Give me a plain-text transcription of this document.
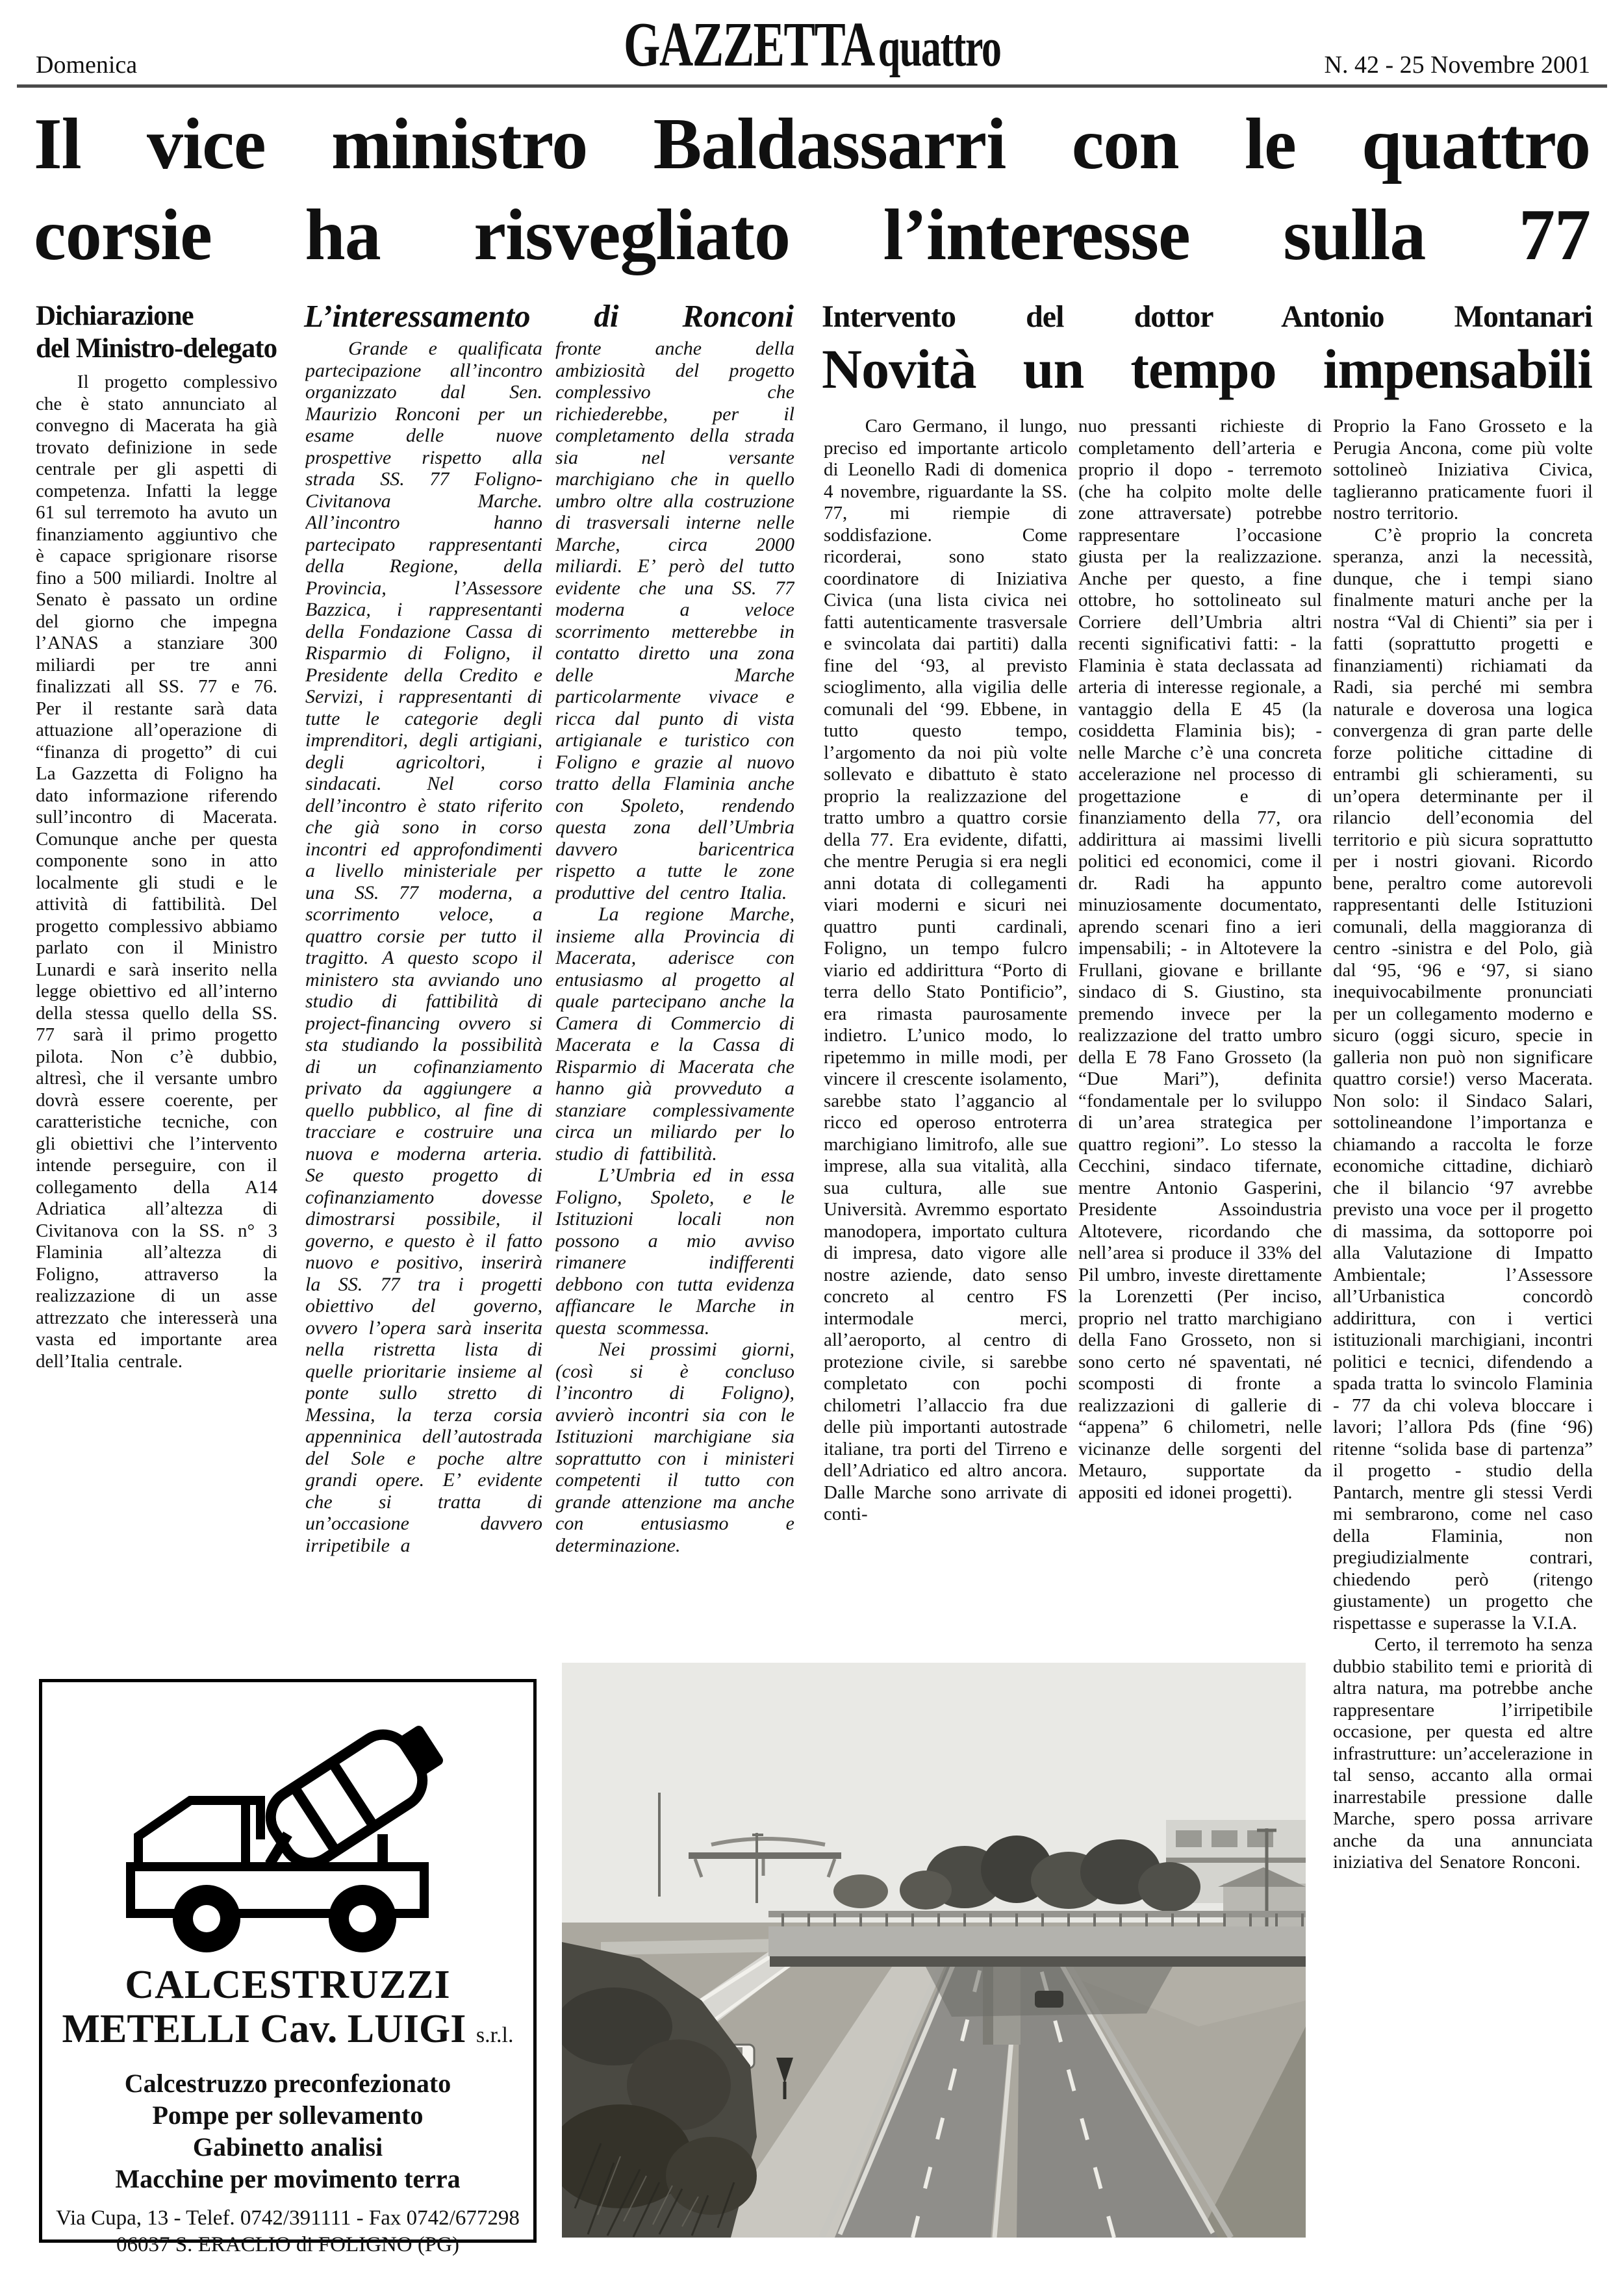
Domenica	GAZZETTAquattro	N. 42 - 25 Novembre 2001
Il vice ministro Baldassarri con le quattro
corsie ha risvegliato l’interesse sulla 77
Dichiarazione
del Ministro-delegato

Il progetto complessivo che è stato annunciato al convegno di Macerata ha già trovato definizione in sede centrale per gli aspetti di competenza. Infatti la legge 61 sul terremoto ha avuto un finanziamento aggiuntivo che è capace sprigionare risorse fino a 500 miliardi. Inoltre al Senato è passato un ordine del giorno che impegna l’ANAS a stanziare 300 miliardi per tre anni finalizzati all SS. 77 e 76. Per il restante sarà data attuazione all’operazione di “finanza di progetto” di cui La Gazzetta di Foligno ha dato informazione riferendo sull’incontro di Macerata. Comunque anche per questa componente sono in atto localmente gli studi e le attività di fattibilità. Del progetto complessivo abbiamo parlato con il Ministro Lunardi e sarà inserito nella legge obiettivo ed all’interno della stessa quello della SS. 77 sarà il primo progetto pilota. Non c’è dubbio, altresì, che il versante umbro dovrà essere coerente, per caratteristiche tecniche, con gli obiettivi che l’intervento intende perseguire, con il collegamento della A14 Adriatica all’altezza di Civitanova con la SS. n° 3 Flaminia all’altezza di Foligno, attraverso la realizzazione di un asse attrezzato che interesserà una vasta ed importante area dell’Italia centrale.

L’interessamento di Ronconi

Grande e qualificata partecipazione all’incontro organizzato dal Sen. Maurizio Ronconi per un esame delle nuove prospettive rispetto alla strada SS. 77 Foligno-Civitanova Marche. All’incontro hanno partecipato rappresentanti della Regione, della Provincia, l’Assessore Bazzica, i rappresentanti della Fondazione Cassa di Risparmio di Foligno, il Presidente della Credito e Servizi, i rappresentanti di tutte le categorie degli imprenditori, degli artigiani, degli agricoltori, i sindacati. Nel corso dell’incontro è stato riferito che già sono in corso incontri ed approfondimenti a livello ministeriale per una SS. 77 moderna, a scorrimento veloce, a quattro corsie per tutto il tragitto. A questo scopo il ministero sta avviando uno studio di fattibilità di project-financing ovvero si sta studiando la possibilità di un cofinanziamento privato da aggiungere a quello pubblico, al fine di tracciare e costruire una nuova e moderna arteria. Se questo progetto di cofinanziamento dovesse dimostrarsi possibile, il governo, e questo è il fatto nuovo e positivo, inserirà la SS. 77 tra i progetti obiettivo del governo, ovvero l’opera sarà inserita nella ristretta lista di quelle prioritarie insieme al ponte sullo stretto di Messina, la terza corsia appenninica dell’autostrada del Sole e poche altre grandi opere. E’ evidente che si tratta di un’occasione davvero irripetibile a

fronte anche della ambiziosità del progetto complessivo che richiederebbe, per il completamento della strada sia nel versante marchigiano che in quello umbro oltre alla costruzione di trasversali interne nelle Marche, circa 2000 miliardi. E’ però del tutto evidente che una SS. 77 moderna a veloce scorrimento metterebbe in contatto diretto una zona delle Marche particolarmente vivace e ricca dal punto di vista artigianale e turistico con Foligno e grazie al nuovo tratto della Flaminia anche con Spoleto, rendendo questa zona dell’Umbria davvero baricentrica rispetto a tutte le zone produttive del centro Italia.

La regione Marche, insieme alla Provincia di Macerata, aderisce con entusiasmo al progetto al quale partecipano anche la Camera di Commercio di Macerata e la Cassa di Risparmio di Macerata che hanno già provveduto a stanziare complessivamente circa un miliardo per lo studio di fattibilità.

L’Umbria ed in essa Foligno, Spoleto, e le Istituzioni locali non possono a mio avviso rimanere indifferenti debbono con tutta evidenza affiancare le Marche in questa scommessa.

Nei prossimi giorni, (così si è concluso l’incontro di Foligno), avvierò incontri sia con le Istituzioni marchigiane sia soprattutto con i ministeri competenti il tutto con grande attenzione ma anche con entusiasmo e determinazione.

Intervento del dottor Antonio Montanari
Novità un tempo impensabili

Caro Germano, il lungo, preciso ed importante articolo di Leonello Radi di domenica 4 novembre, riguardante la SS. 77, mi riempie di soddisfazione. Come ricorderai, sono stato coordinatore di Iniziativa Civica (una lista civica nei fatti autenticamente trasversale e svincolata dai partiti) dalla fine del ‘93, al previsto scioglimento, alla vigilia delle comunali del ‘99. Ebbene, in tutto questo tempo, l’argomento da noi più volte sollevato e dibattuto è stato proprio la realizzazione del tratto umbro a quattro corsie della 77. Era evidente, difatti, che mentre Perugia si era negli anni dotata di collegamenti viari moderni e sicuri nei quattro punti cardinali, Foligno, un tempo fulcro viario ed addirittura “Porto di terra dello Stato Pontificio”, era rimasta paurosamente indietro. L’unico modo, lo ripetemmo in mille modi, per vincere il crescente isolamento, sarebbe stato l’aggancio al ricco ed operoso entroterra marchigiano limitrofo, alle sue imprese, alla sua vitalità, alla sua cultura, alle sue Università. Avremmo esportato manodopera, importato cultura di impresa, dato vigore alle nostre aziende, dato senso concreto al centro FS intermodale merci, all’aeroporto, al centro di protezione civile, si sarebbe completato con pochi chilometri l’allaccio fra due delle più importanti autostrade italiane, tra porti del Tirreno e dell’Adriatico ed altro ancora. Dalle Marche sono arrivate di conti-

nuo pressanti richieste di completamento dell’arteria e proprio il dopo - terremoto (che ha colpito molte delle zone attraversate) potrebbe rappresentare l’occasione giusta per la realizzazione. Anche per questo, a fine ottobre, ho sottolineato sul Corriere dell’Umbria altri recenti significativi fatti: - la Flaminia è stata declassata ad arteria di interesse regionale, a vantaggio della E 45 (la cosiddetta Flaminia bis); - nelle Marche c’è una concreta accelerazione nel processo di progettazione e di finanziamento della 77, ora addirittura ai massimi livelli politici ed economici, come il dr. Radi ha appunto minuziosamente documentato, aprendo scenari fino a ieri impensabili; - in Altotevere la Frullani, giovane e brillante sindaco di S. Giustino, sta premendo invece per la realizzazione del tratto umbro della E 78 Fano Grosseto (la “Due Mari”), definita “fondamentale per lo sviluppo di un’area strategica per quattro regioni”. Lo stesso la Cecchini, sindaco tifernate, mentre Antonio Gasperini, Presidente Assoindustria Altotevere, ricordando che nell’area si produce il 33% del Pil umbro, investe direttamente la Lorenzetti (Per inciso, proprio nel tratto marchigiano della Fano Grosseto, non si sono certo né spaventati, né scomposti di fronte a realizzazioni di gallerie di “appena” 6 chilometri, nelle vicinanze delle sorgenti del Metauro, supportate da appositi ed idonei progetti).

Proprio la Fano Grosseto e la Perugia Ancona, come più volte sottolineò Iniziativa Civica, taglieranno praticamente fuori il nostro territorio.

C’è proprio la concreta speranza, anzi la necessità, dunque, che i tempi siano finalmente maturi anche per la nostra “Val di Chienti” sia per i fatti (soprattutto progetti e finanziamenti) richiamati da Radi, sia perché mi sembra naturale e doverosa una logica convergenza di gran parte delle forze politiche cittadine di entrambi gli schieramenti, su un’opera determinante per il rilancio dell’economia del territorio e più sicura soprattutto per i nostri giovani. Ricordo bene, peraltro come autorevoli rappresentanti delle Istituzioni comunali, della maggioranza di centro -sinistra e del Polo, già dal ‘95, ‘96 e ‘97, si siano inequivocabilmente pronunciati per un collegamento moderno e sicuro (oggi sicuro, specie in galleria non può non significare quattro corsie!) verso Macerata. Non solo: il Sindaco Salari, sottolineandone l’importanza e chiamando a raccolta le forze economiche cittadine, dichiarò che il bilancio ‘97 avrebbe previsto una voce per il progetto di massima, da sottoporre poi alla Valutazione di Impatto Ambientale; l’Assessore all’Urbanistica concordò addirittura, con i vertici istituzionali marchigiani, incontri politici e tecnici, difendendo a spada tratta lo svincolo Flaminia - 77 da chi voleva bloccare i lavori; l’allora Pds (fine ‘96) ritenne “solida base di partenza” il progetto - studio della Pantarch, mentre gli stessi Verdi mi sembrarono, come nel caso della Flaminia, non pregiudizialmente contrari, chiedendo però (ritengo giustamente) un progetto che rispettasse e superasse la V.I.A.

Certo, il terremoto ha senza dubbio stabilito temi e priorità di altra natura, ma potrebbe anche rappresentare l’irripetibile occasione, per questa ed altre infrastrutture: un’accelerazione in tal senso, accanto alla ormai inarrestabile pressione dalle Marche, spero possa arrivare anche da una annunciata iniziativa del Senatore Ronconi.

CALCESTRUZZI
METELLI Cav. LUIGI s.r.l.
Calcestruzzo preconfezionato
Pompe per sollevamento
Gabinetto analisi
Macchine per movimento terra
Via Cupa, 13 - Telef. 0742/391111 - Fax 0742/677298
06037 S. ERACLIO di FOLIGNO (PG)
